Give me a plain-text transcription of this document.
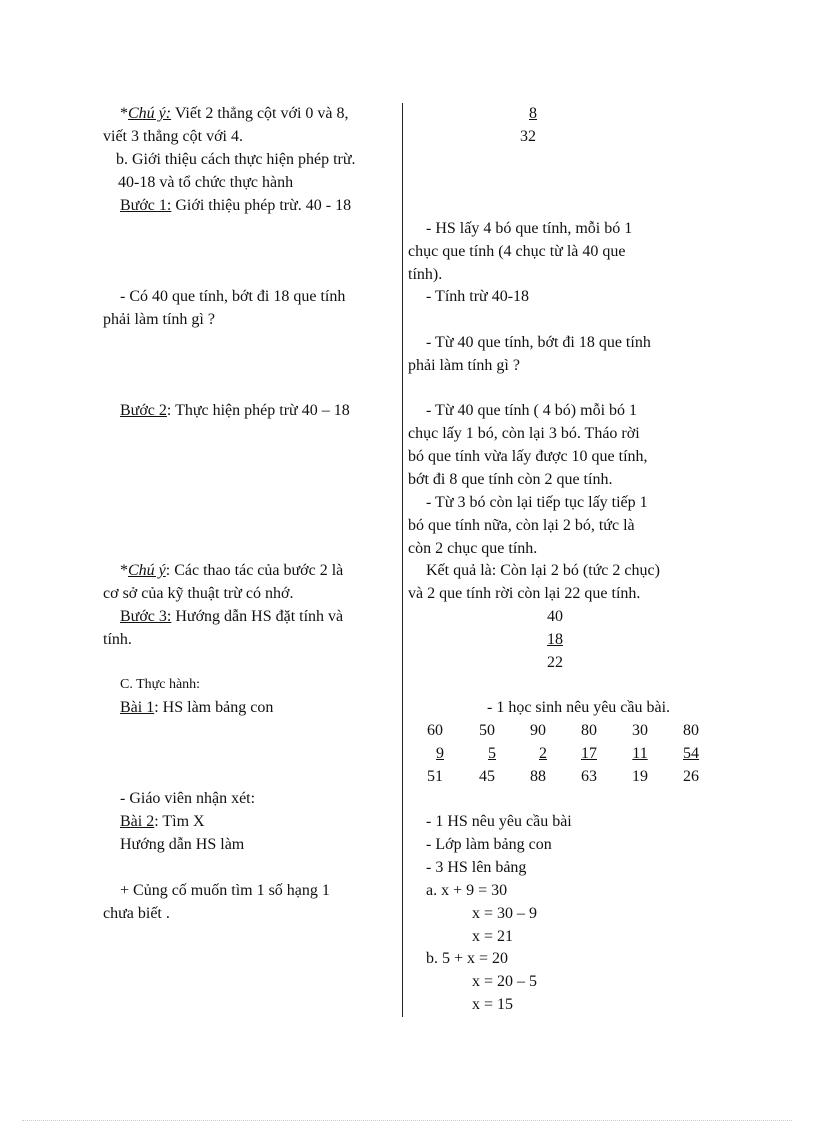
*Chú ý: Viết 2 thẳng cột với 0 và 8,
viết 3 thẳng cột với 4.
b. Giới thiệu cách thực hiện phép trừ.
40-18 và tổ chức thực hành
Bước 1: Giới thiệu phép trừ. 40 - 18
- Có 40 que tính, bớt đi 18 que tính
phải làm tính gì ?
Bước 2: Thực hiện phép trừ 40 – 18
*Chú ý: Các thao tác của bước 2 là
cơ sở của kỹ thuật trừ có nhớ.
Bước 3: Hướng dẫn HS đặt tính và
tính.
C. Thực hành:
Bài 1: HS làm bảng con
- Giáo viên nhận xét:
Bài 2: Tìm X
Hướng dẫn HS làm
+ Củng cố muốn tìm 1 số hạng 1
chưa biết .
8
32
- HS lấy 4 bó que tính, mỗi bó 1
chục que tính (4 chục từ là 40 que
tính).
- Tính trừ 40-18
- Từ 40 que tính, bớt đi 18 que tính
phải làm tính gì ?
- Từ 40 que tính ( 4 bó) mỗi bó 1
chục lấy 1 bó, còn lại 3 bó. Tháo rời
bó que tính vừa lấy được 10 que tính,
bớt đi 8 que tính còn 2 que tính.
- Từ 3 bó còn lại tiếp tục lấy tiếp 1
bó que tính nữa, còn lại 2 bó, tức là
còn 2 chục que tính.
Kết quả là: Còn lại 2 bó (tức 2 chục)
và 2 que tính rời còn lại 22 que tính.
40
18
22
- 1 học sinh nêu yêu cầu bài.
60	50	90	80	30	80
9	5	2	17	11	54
51	45	88	63	19	26
- 1 HS nêu yêu cầu bài
- Lớp làm bảng con
- 3 HS lên bảng
a. x + 9 = 30
x = 30 – 9
x = 21
b. 5 + x = 20
x = 20 – 5
x = 15
